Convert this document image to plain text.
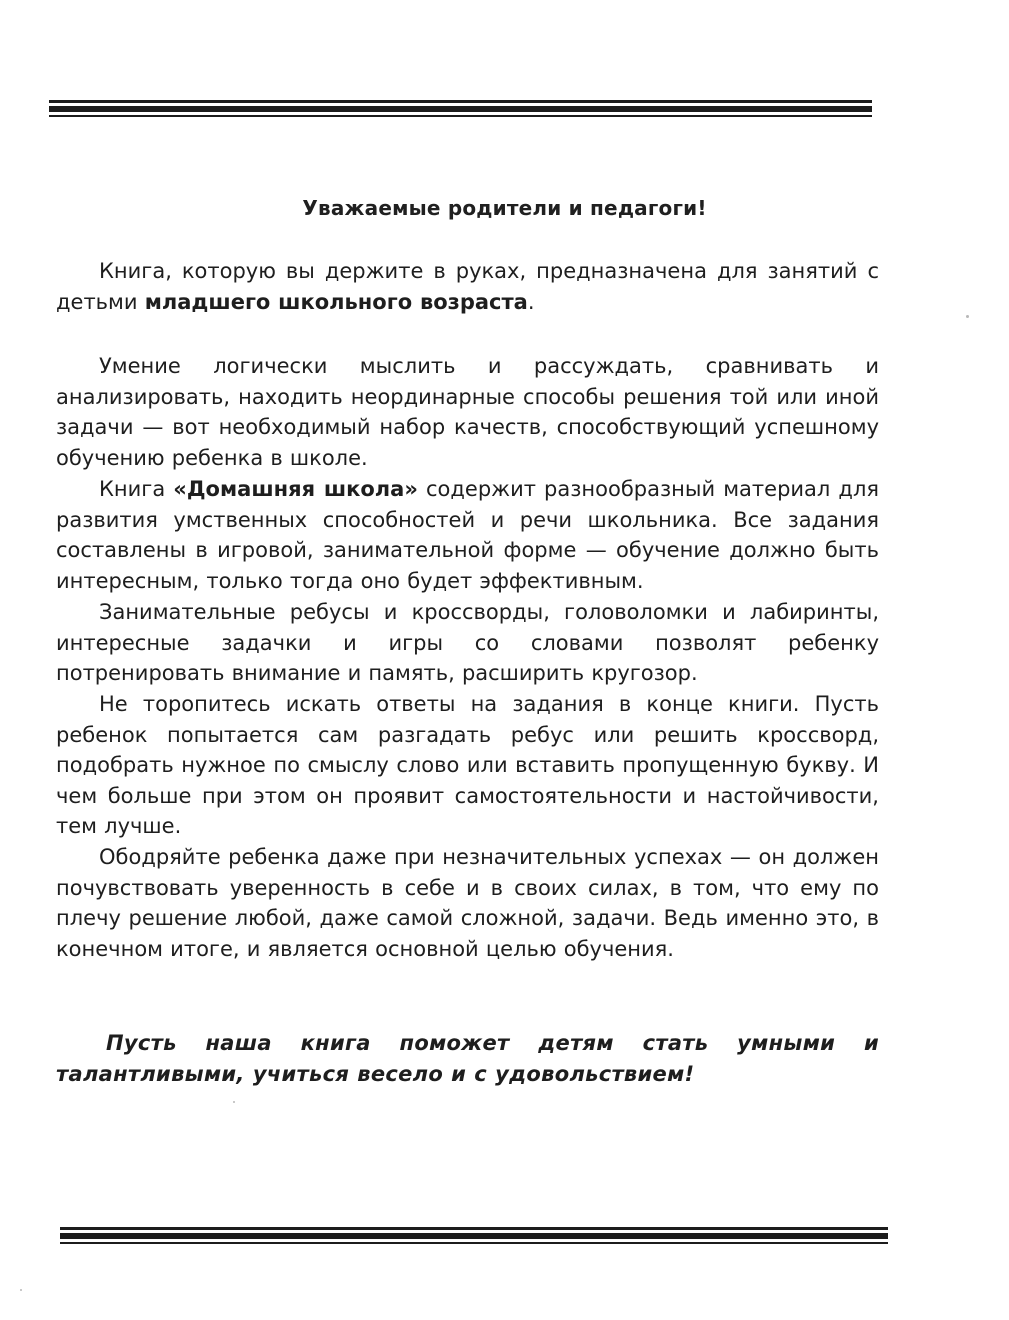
Уважаемые родители и педагоги!

Книга, которую вы держите в руках, предназначена для занятий с детьми младшего школьного возраста.

Умение логически мыслить и рассуждать, сравнивать и анализировать, находить неординарные способы решения той или иной задачи — вот необходимый набор качеств, способствующий успешному обучению ребенка в школе.

Книга «Домашняя школа» содержит разнообразный материал для развития умственных способностей и речи школьника. Все задания составлены в игровой, занимательной форме — обучение должно быть интересным, только тогда оно будет эффективным.

Занимательные ребусы и кроссворды, головоломки и лабиринты, интересные задачки и игры со словами позволят ребенку потренировать внимание и память, расширить кругозор.

Не торопитесь искать ответы на задания в конце книги. Пусть ребенок попытается сам разгадать ребус или решить кроссворд, подобрать нужное по смыслу слово или вставить пропущенную букву. И чем больше при этом он проявит самостоятельности и настойчивости, тем лучше.

Ободряйте ребенка даже при незначительных успехах — он должен почувствовать уверенность в себе и в своих силах, в том, что ему по плечу решение любой, даже самой сложной, задачи. Ведь именно это, в конечном итоге, и является основной целью обучения.

Пусть наша книга поможет детям стать умными и талантливыми, учиться весело и с удовольствием!
